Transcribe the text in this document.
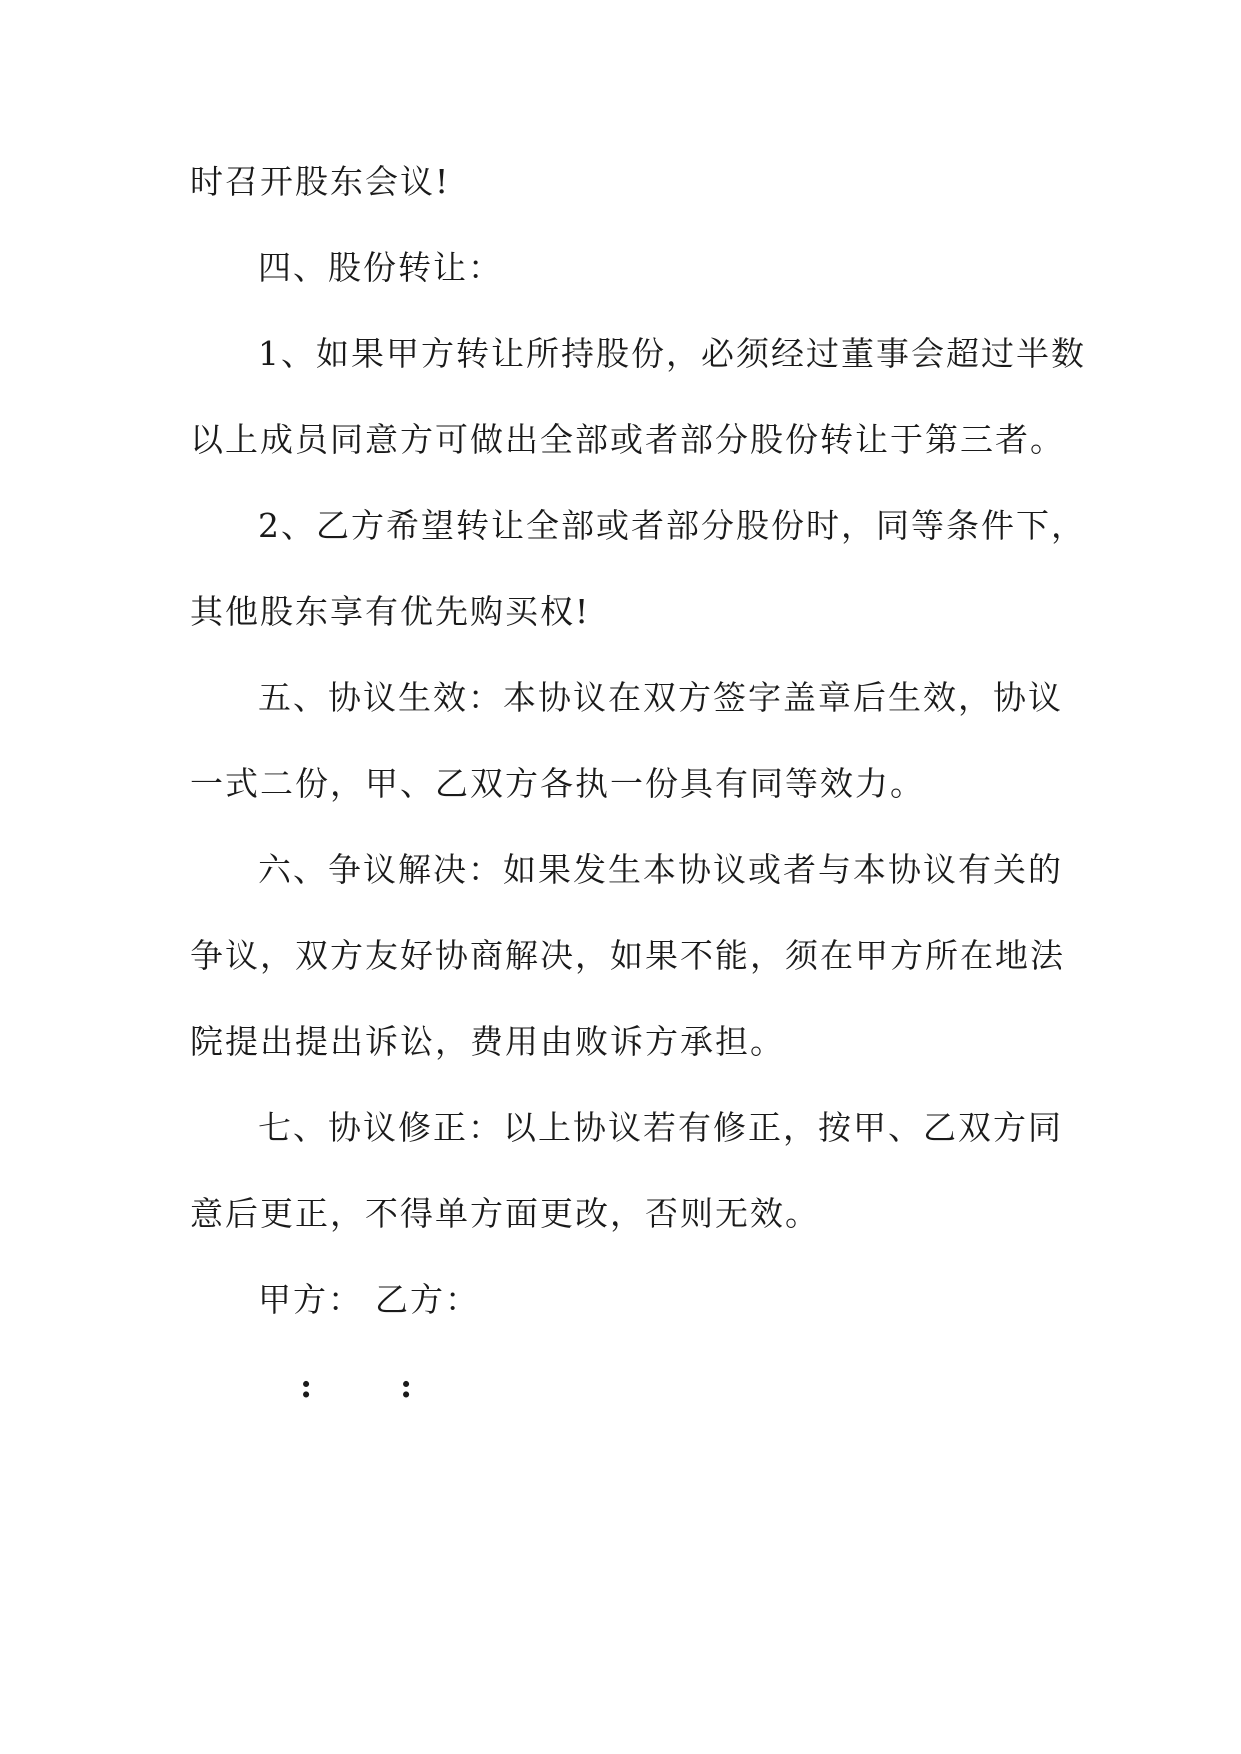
时召开股东会议!
四、股份转让：
1、如果甲方转让所持股份，必须经过董事会超过半数
以上成员同意方可做出全部或者部分股份转让于第三者。
2、乙方希望转让全部或者部分股份时，同等条件下，
其他股东享有优先购买权!
五、协议生效：本协议在双方签字盖章后生效，协议
一式二份，甲、乙双方各执一份具有同等效力。
六、争议解决：如果发生本协议或者与本协议有关的
争议，双方友好协商解决，如果不能，须在甲方所在地法
院提出提出诉讼，费用由败诉方承担。
七、协议修正：以上协议若有修正，按甲、乙双方同
意后更正，不得单方面更改，否则无效。
甲方： 乙方：
:	:
